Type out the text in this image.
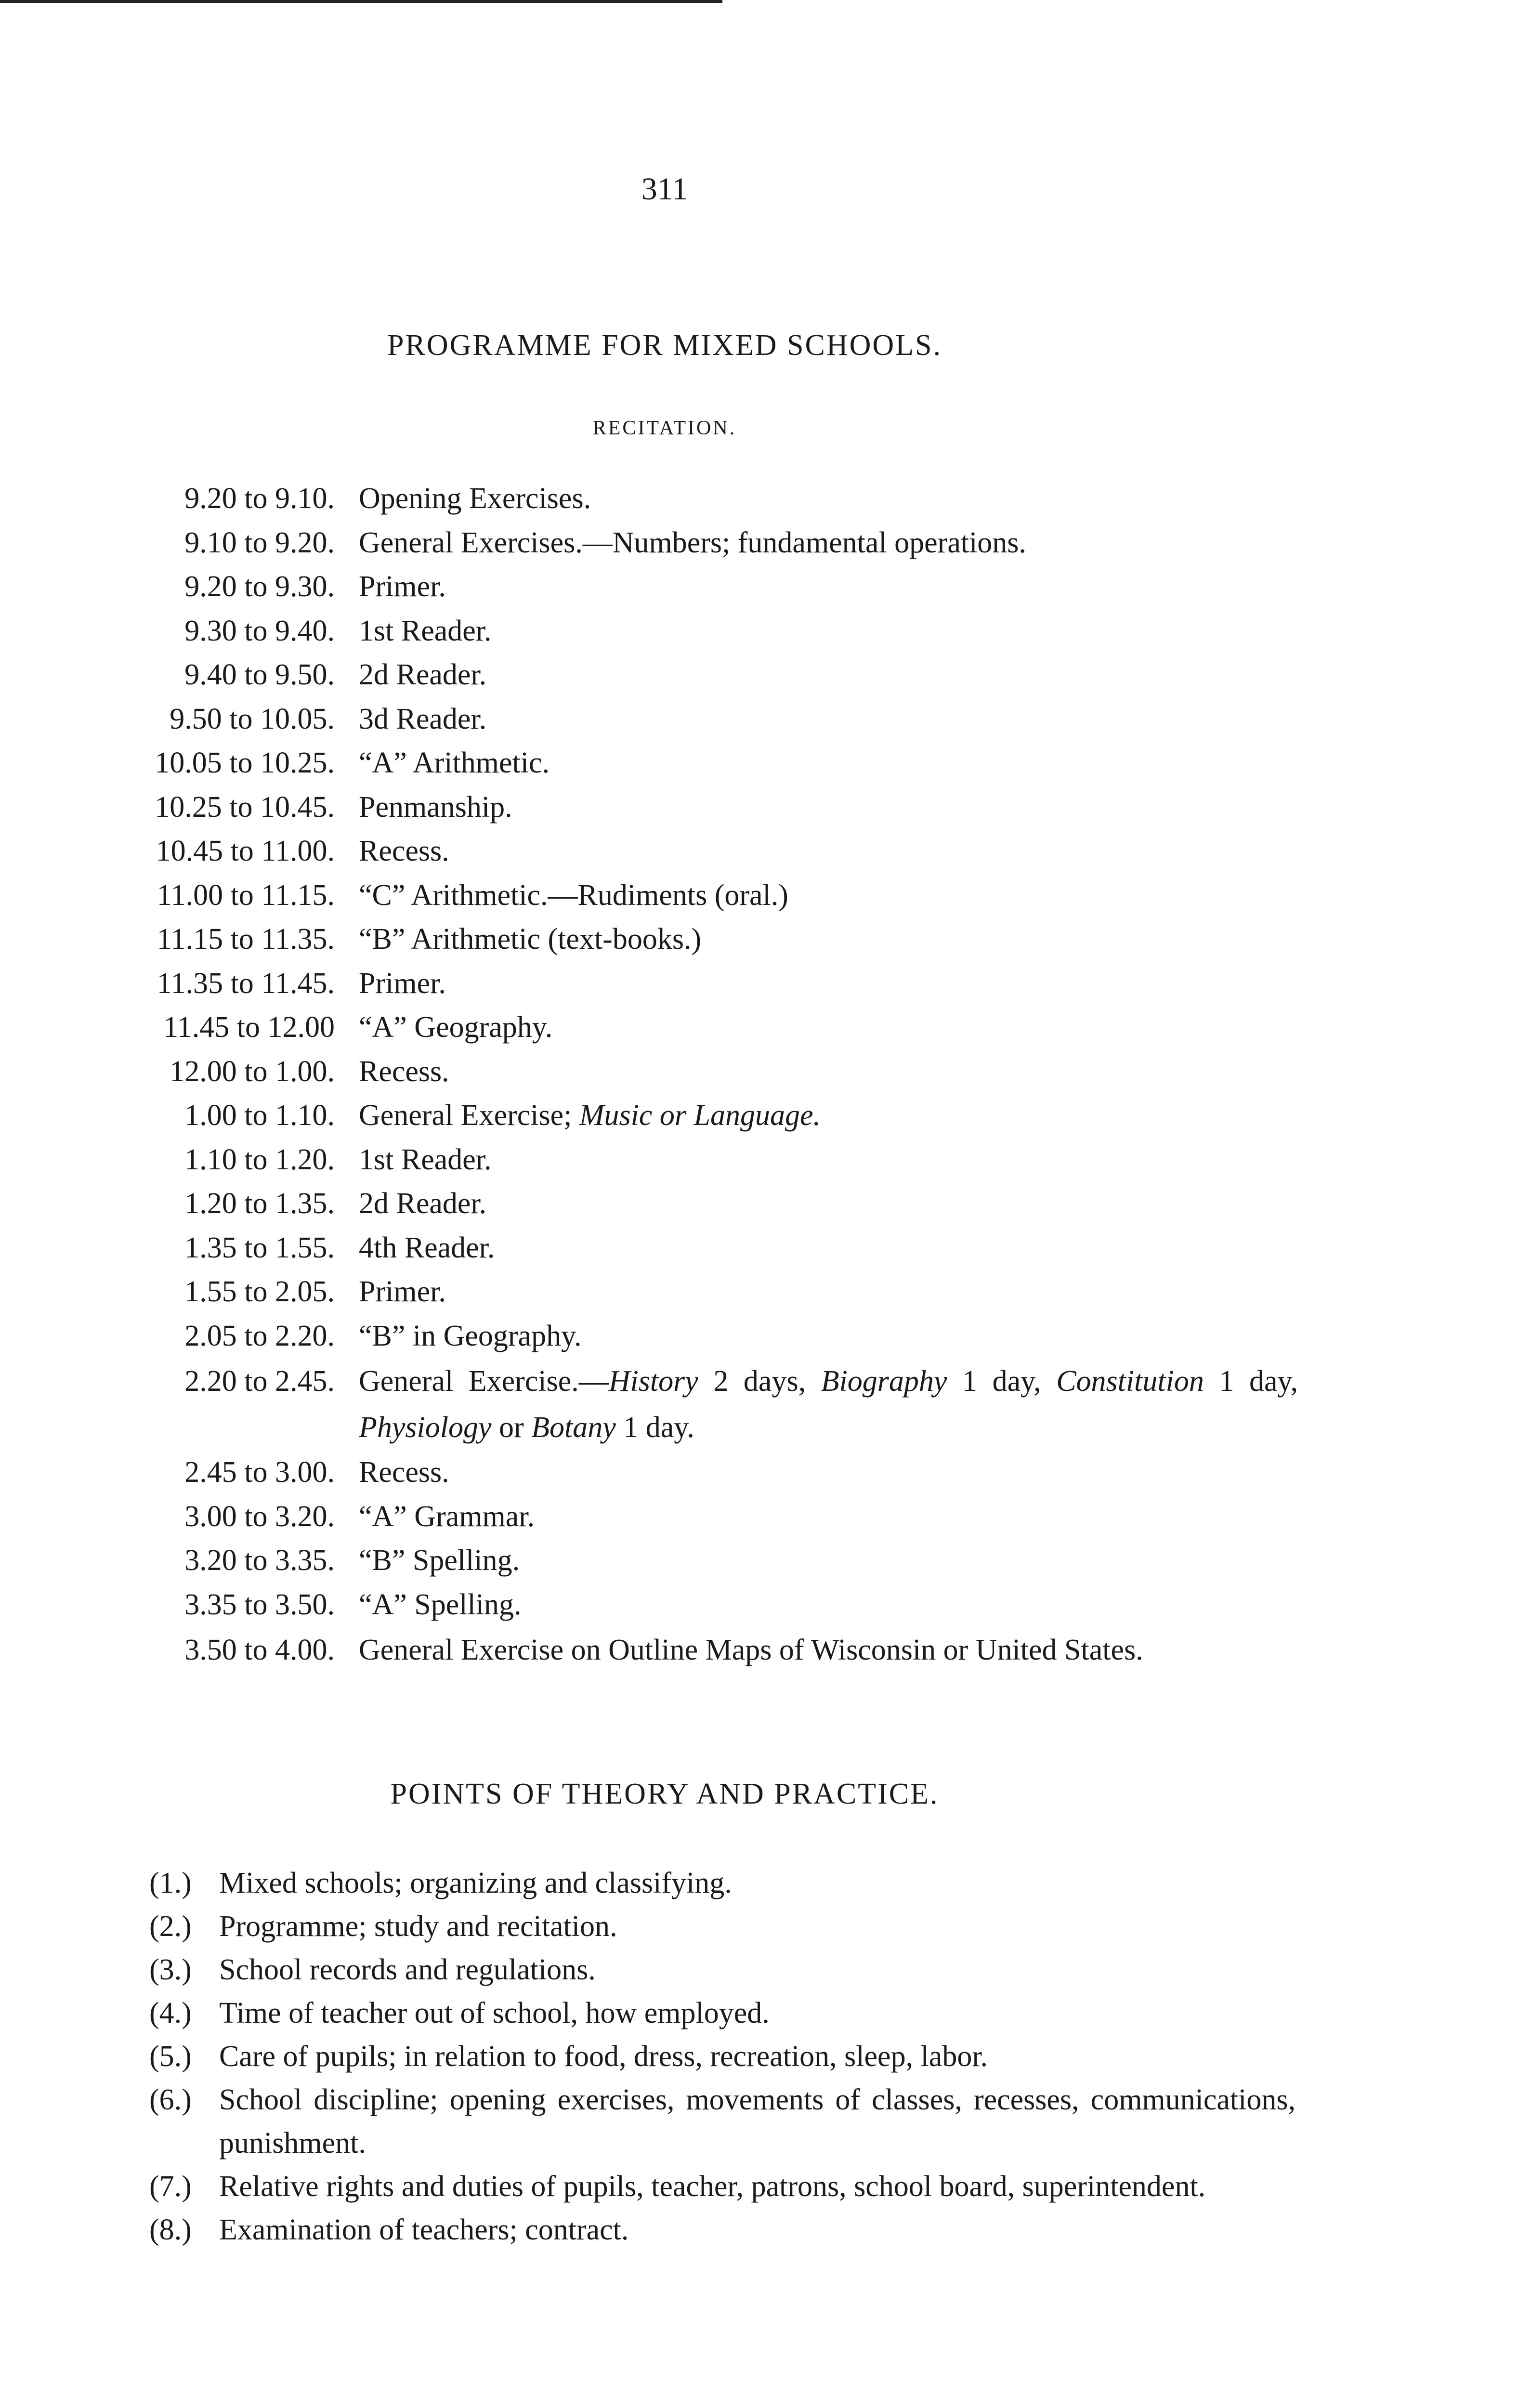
311
PROGRAMME FOR MIXED SCHOOLS.
RECITATION.
9.20 to 9.10. Opening Exercises.
9.10 to 9.20. General Exercises.—Numbers; fundamental operations.
9.20 to 9.30. Primer.
9.30 to 9.40. 1st Reader.
9.40 to 9.50. 2d Reader.
9.50 to 10.05. 3d Reader.
10.05 to 10.25. “A” Arithmetic.
10.25 to 10.45. Penmanship.
10.45 to 11.00. Recess.
11.00 to 11.15. “C” Arithmetic.—Rudiments (oral.)
11.15 to 11.35. “B” Arithmetic (text-books.)
11.35 to 11.45. Primer.
11.45 to 12.00 “A” Geography.
12.00 to 1.00. Recess.
1.00 to 1.10. General Exercise; Music or Language.
1.10 to 1.20. 1st Reader.
1.20 to 1.35. 2d Reader.
1.35 to 1.55. 4th Reader.
1.55 to 2.05. Primer.
2.05 to 2.20. “B” in Geography.
2.20 to 2.45. General Exercise.—History 2 days, Biography 1 day, Constitution 1 day, Physiology or Botany 1 day.
2.45 to 3.00. Recess.
3.00 to 3.20. “A” Grammar.
3.20 to 3.35. “B” Spelling.
3.35 to 3.50. “A” Spelling.
3.50 to 4.00. General Exercise on Outline Maps of Wisconsin or United States.
POINTS OF THEORY AND PRACTICE.
(1.) Mixed schools; organizing and classifying.
(2.) Programme; study and recitation.
(3.) School records and regulations.
(4.) Time of teacher out of school, how employed.
(5.) Care of pupils; in relation to food, dress, recreation, sleep, labor.
(6.) School discipline; opening exercises, movements of classes, recesses, communications, punishment.
(7.) Relative rights and duties of pupils, teacher, patrons, school board, superintendent.
(8.) Examination of teachers; contract.
